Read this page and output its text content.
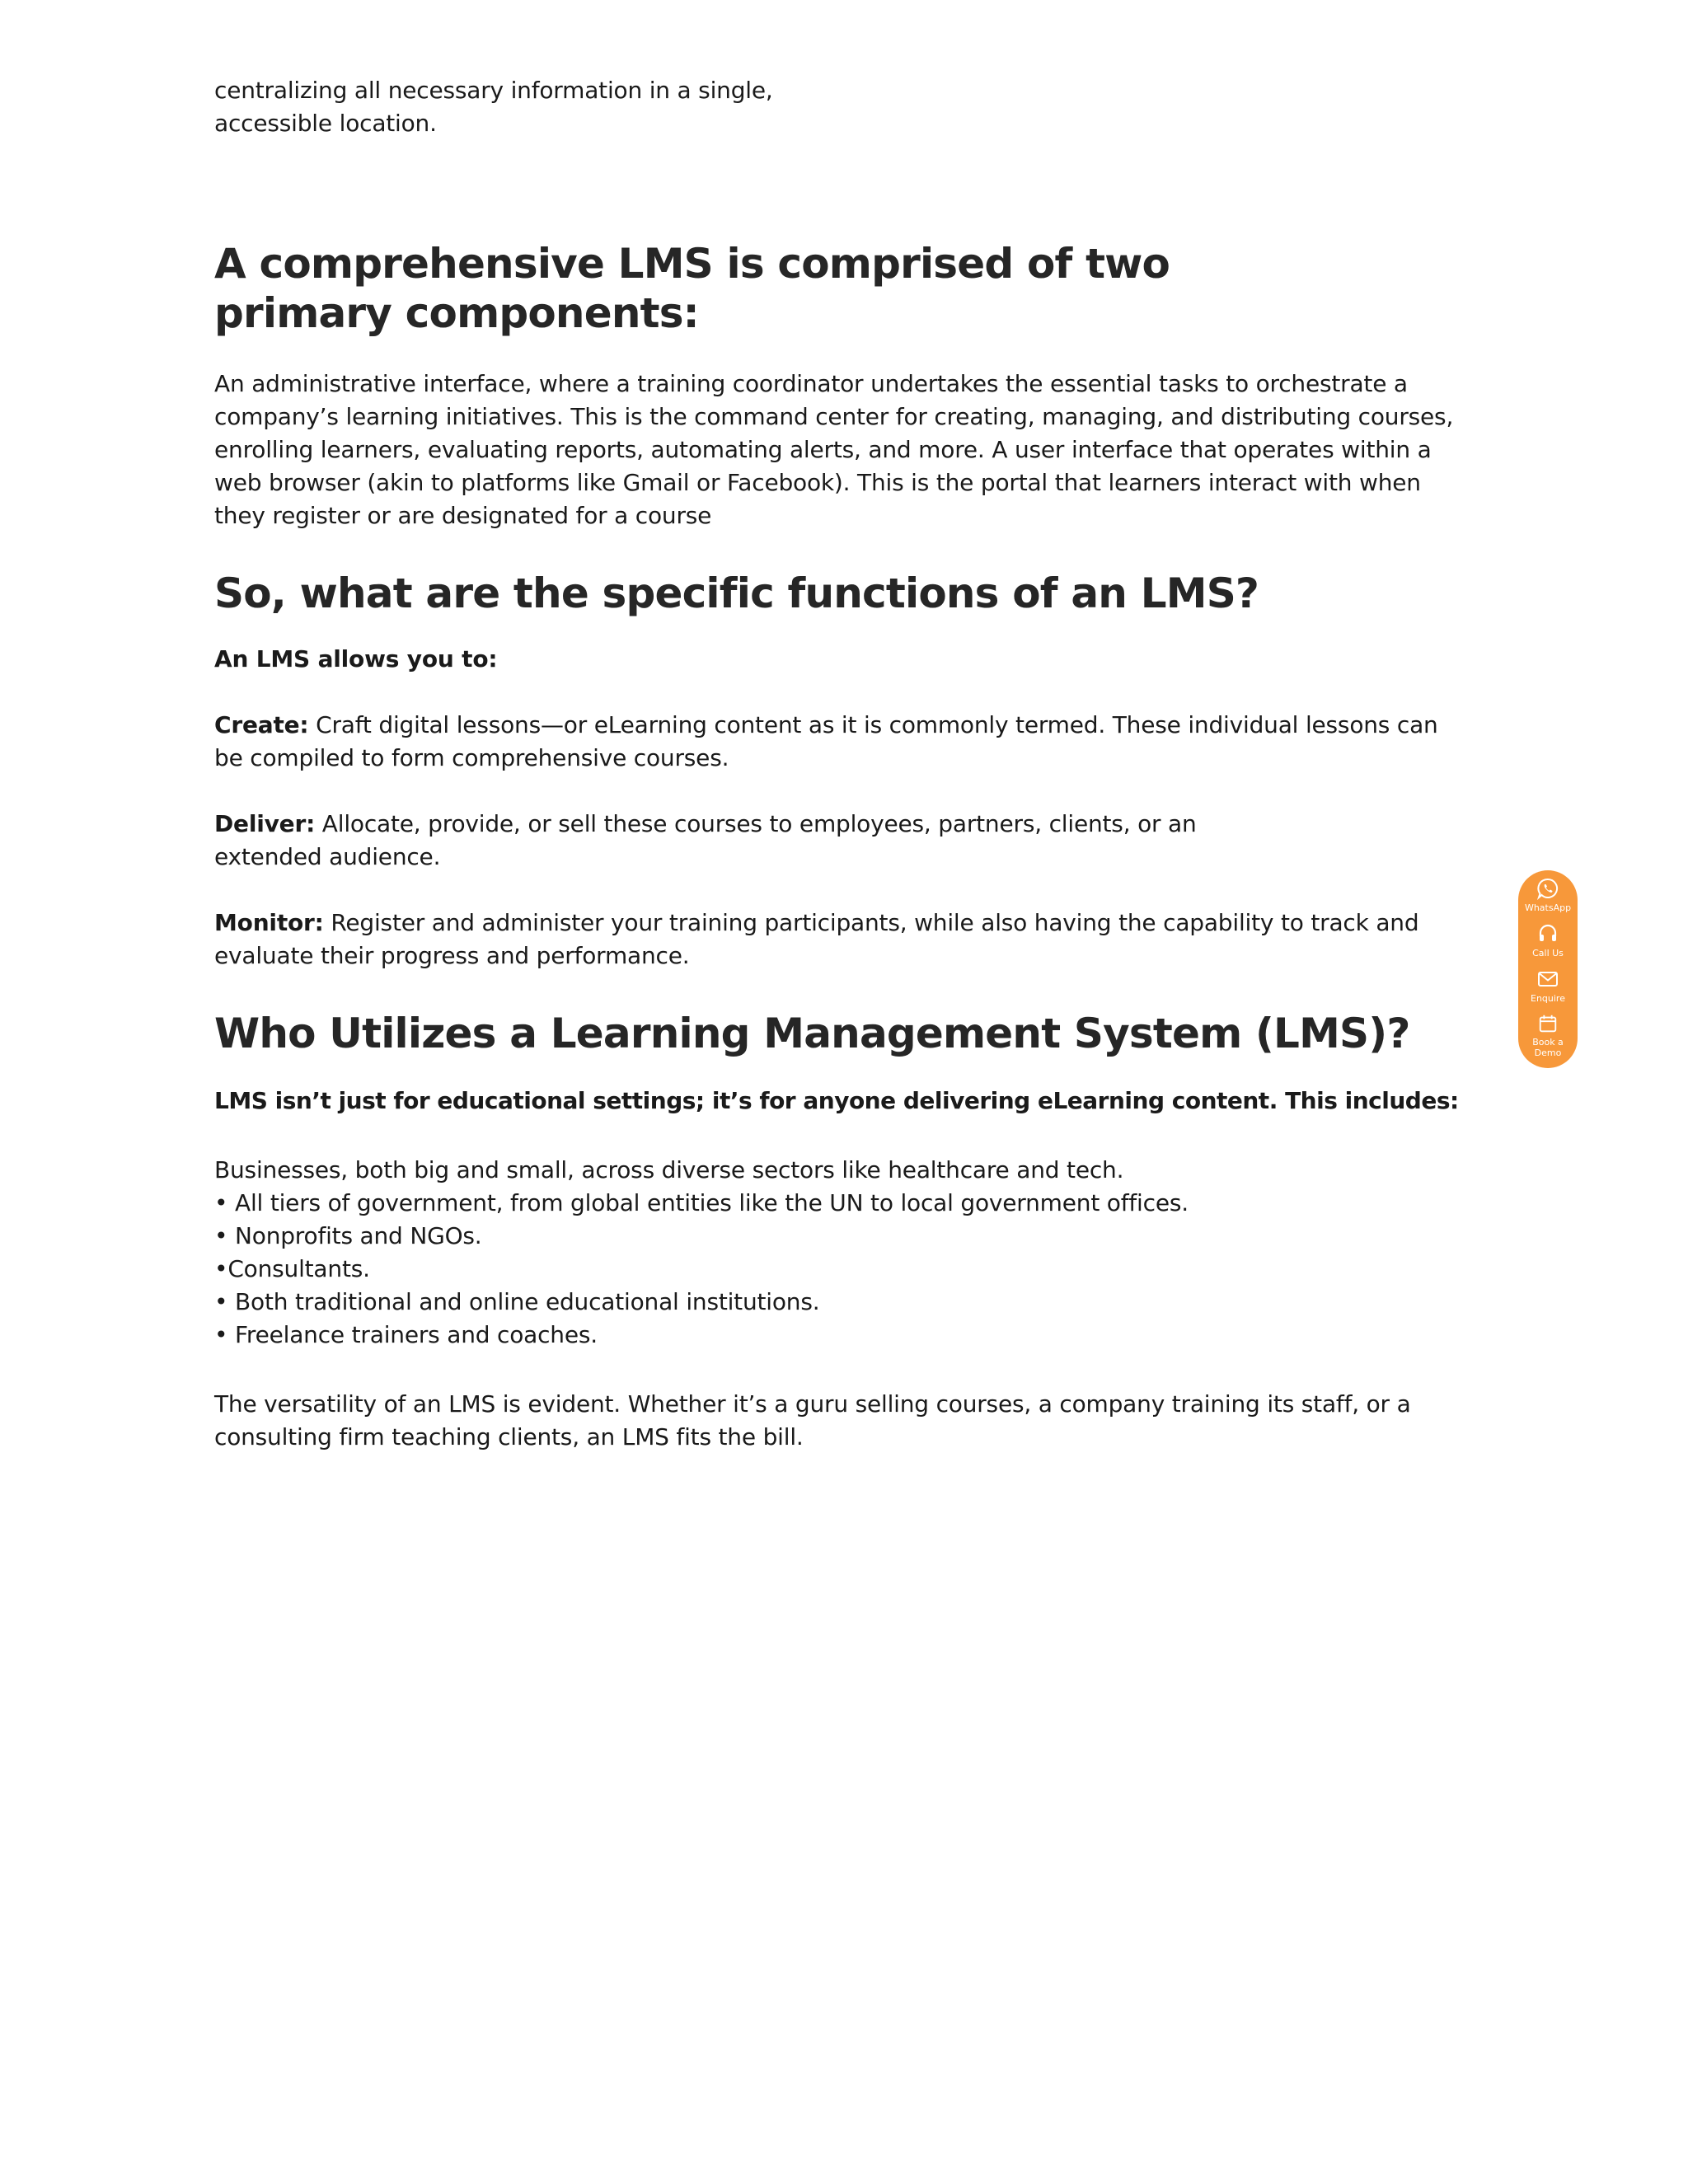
centralizing all necessary information in a single,
accessible location.

A comprehensive LMS is comprised of two primary components:

An administrative interface, where a training coordinator undertakes the essential tasks to orchestrate a company’s learning initiatives. This is the command center for creating, managing, and distributing courses, enrolling learners, evaluating reports, automating alerts, and more. A user interface that operates within a web browser (akin to platforms like Gmail or Facebook). This is the portal that learners interact with when they register or are designated for a course

So, what are the specific functions of an LMS?

An LMS allows you to:

Create: Craft digital lessons—or eLearning content as it is commonly termed. These individual lessons can be compiled to form comprehensive courses.

Deliver: Allocate, provide, or sell these courses to employees, partners, clients, or an extended audience.

Monitor: Register and administer your training participants, while also having the capability to track and evaluate their progress and performance.

Who Utilizes a Learning Management System (LMS)?

LMS isn’t just for educational settings; it’s for anyone delivering eLearning content. This includes:

Businesses, both big and small, across diverse sectors like healthcare and tech.
• All tiers of government, from global entities like the UN to local government offices.
• Nonprofits and NGOs.
•Consultants.
• Both traditional and online educational institutions.
• Freelance trainers and coaches.

The versatility of an LMS is evident. Whether it’s a guru selling courses, a company training its staff, or a consulting firm teaching clients, an LMS fits the bill.

WhatsApp
Call Us
Enquire
Book a Demo
